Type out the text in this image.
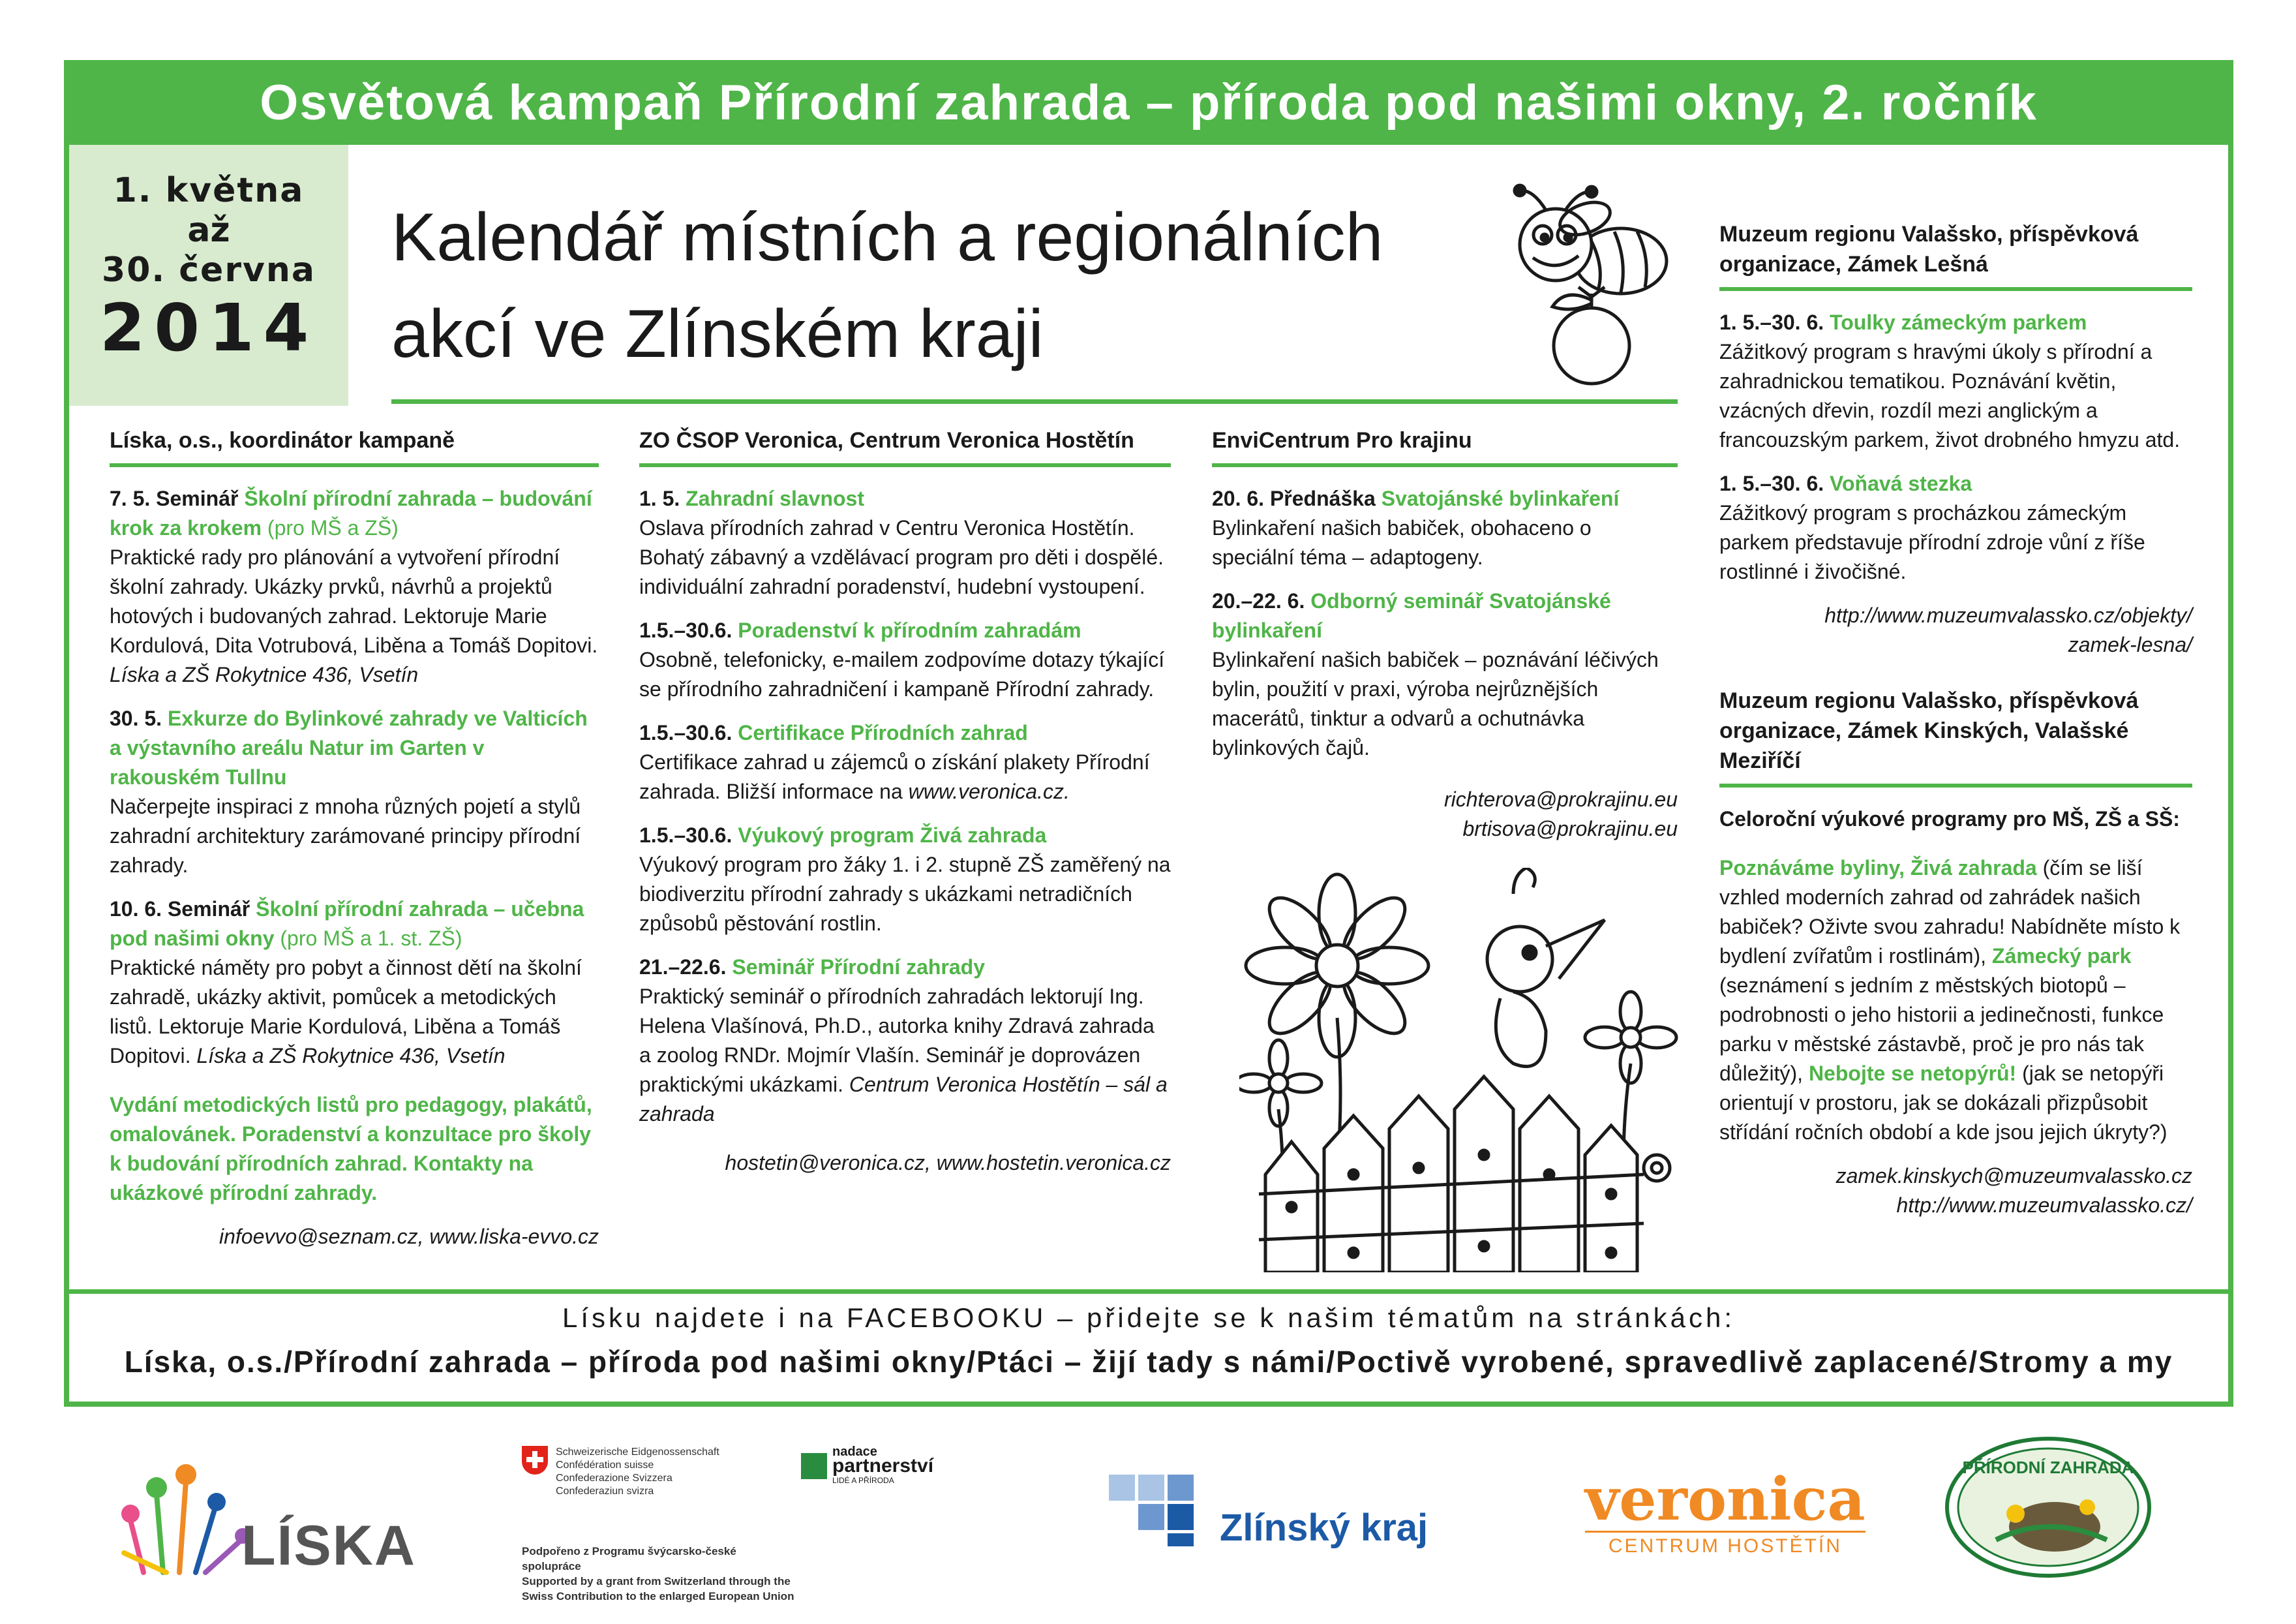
Osvětová kampaň Přírodní zahrada – příroda pod našimi okny, 2. ročník
1. května
až
30. června
2014
Kalendář místních a regionálních
akcí ve Zlínském kraji
Líska, o.s., koordinátor kampaně

7. 5. Seminář Školní přírodní zahrada – budování krok za krokem (pro MŠ a ZŠ)
Praktické rady pro plánování a vytvoření přírodní školní zahrady. Ukázky prvků, návrhů a projektů hotových i budovaných zahrad. Lektoruje Marie Kordulová, Dita Votrubová, Liběna a Tomáš Dopitovi. Líska a ZŠ Rokytnice 436, Vsetín

30. 5. Exkurze do Bylinkové zahrady ve Valticích a výstavního areálu Natur im Garten v rakouském Tullnu
Načerpejte inspiraci z mnoha různých pojetí a stylů zahradní architektury zarámované principy přírodní zahrady.

10. 6. Seminář Školní přírodní zahrada – učebna pod našimi okny (pro MŠ a 1. st. ZŠ)
Praktické náměty pro pobyt a činnost dětí na školní zahradě, ukázky aktivit, pomůcek a metodických listů. Lektoruje Marie Kordulová, Liběna a Tomáš Dopitovi. Líska a ZŠ Rokytnice 436, Vsetín

Vydání metodických listů pro pedagogy, plakátů, omalovánek. Poradenství a konzultace pro školy k budování přírodních zahrad. Kontakty na ukázkové přírodní zahrady.

infoevvo@seznam.cz, www.liska-evvo.cz
ZO ČSOP Veronica, Centrum Veronica Hostětín

1. 5. Zahradní slavnost
Oslava přírodních zahrad v Centru Veronica Hostětín. Bohatý zábavný a vzdělávací program pro děti i dospělé. individuální zahradní poradenství, hudební vystoupení.

1.5.–30.6. Poradenství k přírodním zahradám
Osobně, telefonicky, e-mailem zodpovíme dotazy týkající se přírodního zahradničení i kampaně Přírodní zahrady.

1.5.–30.6. Certifikace Přírodních zahrad
Certifikace zahrad u zájemců o získání plakety Přírodní zahrada. Bližší informace na www.veronica.cz.

1.5.–30.6. Výukový program Živá zahrada
Výukový program pro žáky 1. i 2. stupně ZŠ zaměřený na biodiverzitu přírodní zahrady s ukázkami netradičních způsobů pěstování rostlin.

21.–22.6. Seminář Přírodní zahrady
Praktický seminář o přírodních zahradách lektorují Ing. Helena Vlašínová, Ph.D., autorka knihy Zdravá zahrada a zoolog RNDr. Mojmír Vlašín. Seminář je doprovázen praktickými ukázkami. Centrum Veronica Hostětín – sál a zahrada

hostetin@veronica.cz, www.hostetin.veronica.cz
EnviCentrum Pro krajinu

20. 6. Přednáška Svatojánské bylinkaření
Bylinkaření našich babiček, obohaceno o speciální téma – adaptogeny.

20.–22. 6. Odborný seminář Svatojánské bylinkaření
Bylinkaření našich babiček – poznávání léčivých bylin, použití v praxi, výroba nejrůznějších macerátů, tinktur a odvarů a ochutnávka bylinkových čajů.

richterova@prokrajinu.eu
brtisova@prokrajinu.eu
Muzeum regionu Valašsko, příspěvková organizace, Zámek Lešná

1. 5.–30. 6. Toulky zámeckým parkem
Zážitkový program s hravými úkoly s přírodní a zahradnickou tematikou. Poznávání květin, vzácných dřevin, rozdíl mezi anglickým a francouzským parkem, život drobného hmyzu atd.

1. 5.–30. 6. Voňavá stezka
Zážitkový program s procházkou zámeckým parkem představuje přírodní zdroje vůní z říše rostlinné i živočišné.

http://www.muzeumvalassko.cz/objekty/ zamek-lesna/
Muzeum regionu Valašsko, příspěvková organizace, Zámek Kinských, Valašské Meziříčí

Celoroční výukové programy pro MŠ, ZŠ a SŠ:

Poznáváme byliny, Živá zahrada (čím se liší vzhled moderních zahrad od zahrádek našich babiček? Oživte svou zahradu! Nabídněte místo k bydlení zvířatům i rostlinám), Zámecký park (seznámení s jedním z městských biotopů – podrobnosti o jeho historii a jedinečnosti, funkce parku v městské zástavbě, proč je pro nás tak důležitý), Nebojte se netopýrů! (jak se netopýři orientují v prostoru, jak se dokázali přizpůsobit střídání ročních období a kde jsou jejich úkryty?)

zamek.kinskych@muzeumvalassko.cz
http://www.muzeumvalassko.cz/
Lísku najdete i na FACEBOOKU – přidejte se k našim tématům na stránkách:
Líska, o.s./Přírodní zahrada – příroda pod našimi okny/Ptáci – žijí tady s námi/Poctivě vyrobené, spravedlivě zaplacené/Stromy a my
LÍSKA
Schweizerische Eidgenossenschaft
Confédération suisse
Confederazione Svizzera
Confederaziun svizra
Podpořeno z Programu švýcarsko-české spolupráce
Supported by a grant from Switzerland through the
Swiss Contribution to the enlarged European Union
nadace
partnerství
LIDÉ A PŘÍRODA
Zlínský kraj	veronica
CENTRUM HOSTĚTÍN
PŘÍRODNÍ ZAHRADA
